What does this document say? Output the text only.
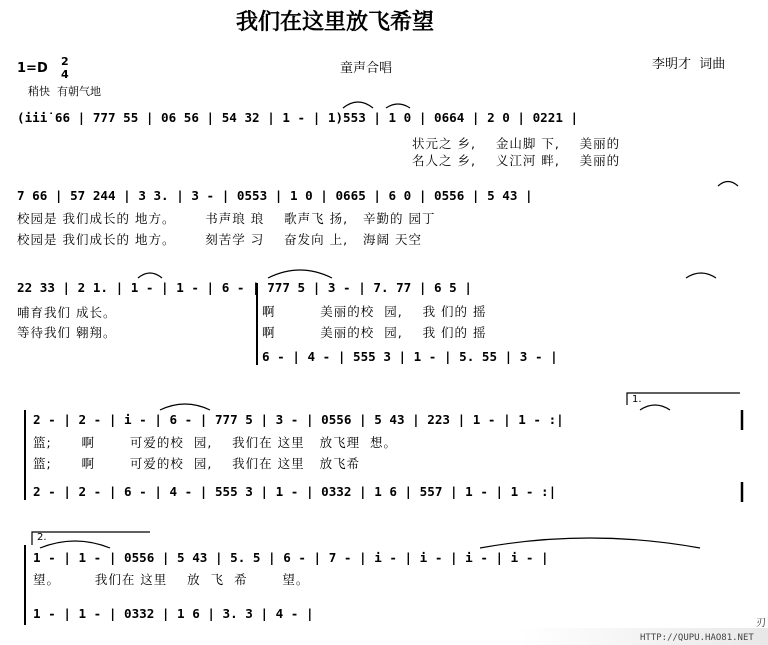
我们在这里放飞希望
1=D 2
4	童声合唱	李明才  词曲
稍快  有朝气地
(i̇i̇i̇ 66 | 777 55 | 06 56 | 54 32 | 1 - | 1)553 | 1 0 | 0664 | 2 0 | 0221 |
状元之 乡,    金山脚 下,    美丽的
名人之 乡,    义江河 畔,    美丽的
7 66 | 57 244 | 3 3. | 3 - | 0553 | 1 0 | 0665 | 6 0 | 0556 | 5 43 |
校园是 我们成长的 地方。      书声琅 琅    歌声飞 扬,   辛勤的 园丁
校园是 我们成长的 地方。      刻苦学 习    奋发向 上,   海阔 天空
22 33 | 2 1. | 1 - | 1 - | 6 - | 777 5 | 3 - | 7. 77 | 6 5 |
哺育我们 成长。
等待我们 翱翔。
啊         美丽的校  园,    我 们的 摇
啊         美丽的校  园,    我 们的 摇
6 - | 4 - | 555 3 | 1 - | 5. 55 | 3 - |
1.
2 - | 2 - | i - | 6 - | 777 5 | 3 - | 0556 | 5 43 | 223 | 1 - | 1 - :|
篮;      啊       可爱的校  园,    我们在 这里   放飞理  想。
篮;      啊       可爱的校  园,    我们在 这里   放飞希
2 - | 2 - | 6 - | 4 - | 555 3 | 1 - | 0332 | 1 6 | 557 | 1 - | 1 - :|
2.
1 - | 1 - | 0556 | 5 43 | 5. 5 | 6 - | 7 - | i - | i - | i - | i - |
望。       我们在 这里    放  飞  希       望。
1 - | 1 - | 0332 | 1 6 | 3. 3 | 4 - |
HTTP://QUPU.HAO81.NET
刃
